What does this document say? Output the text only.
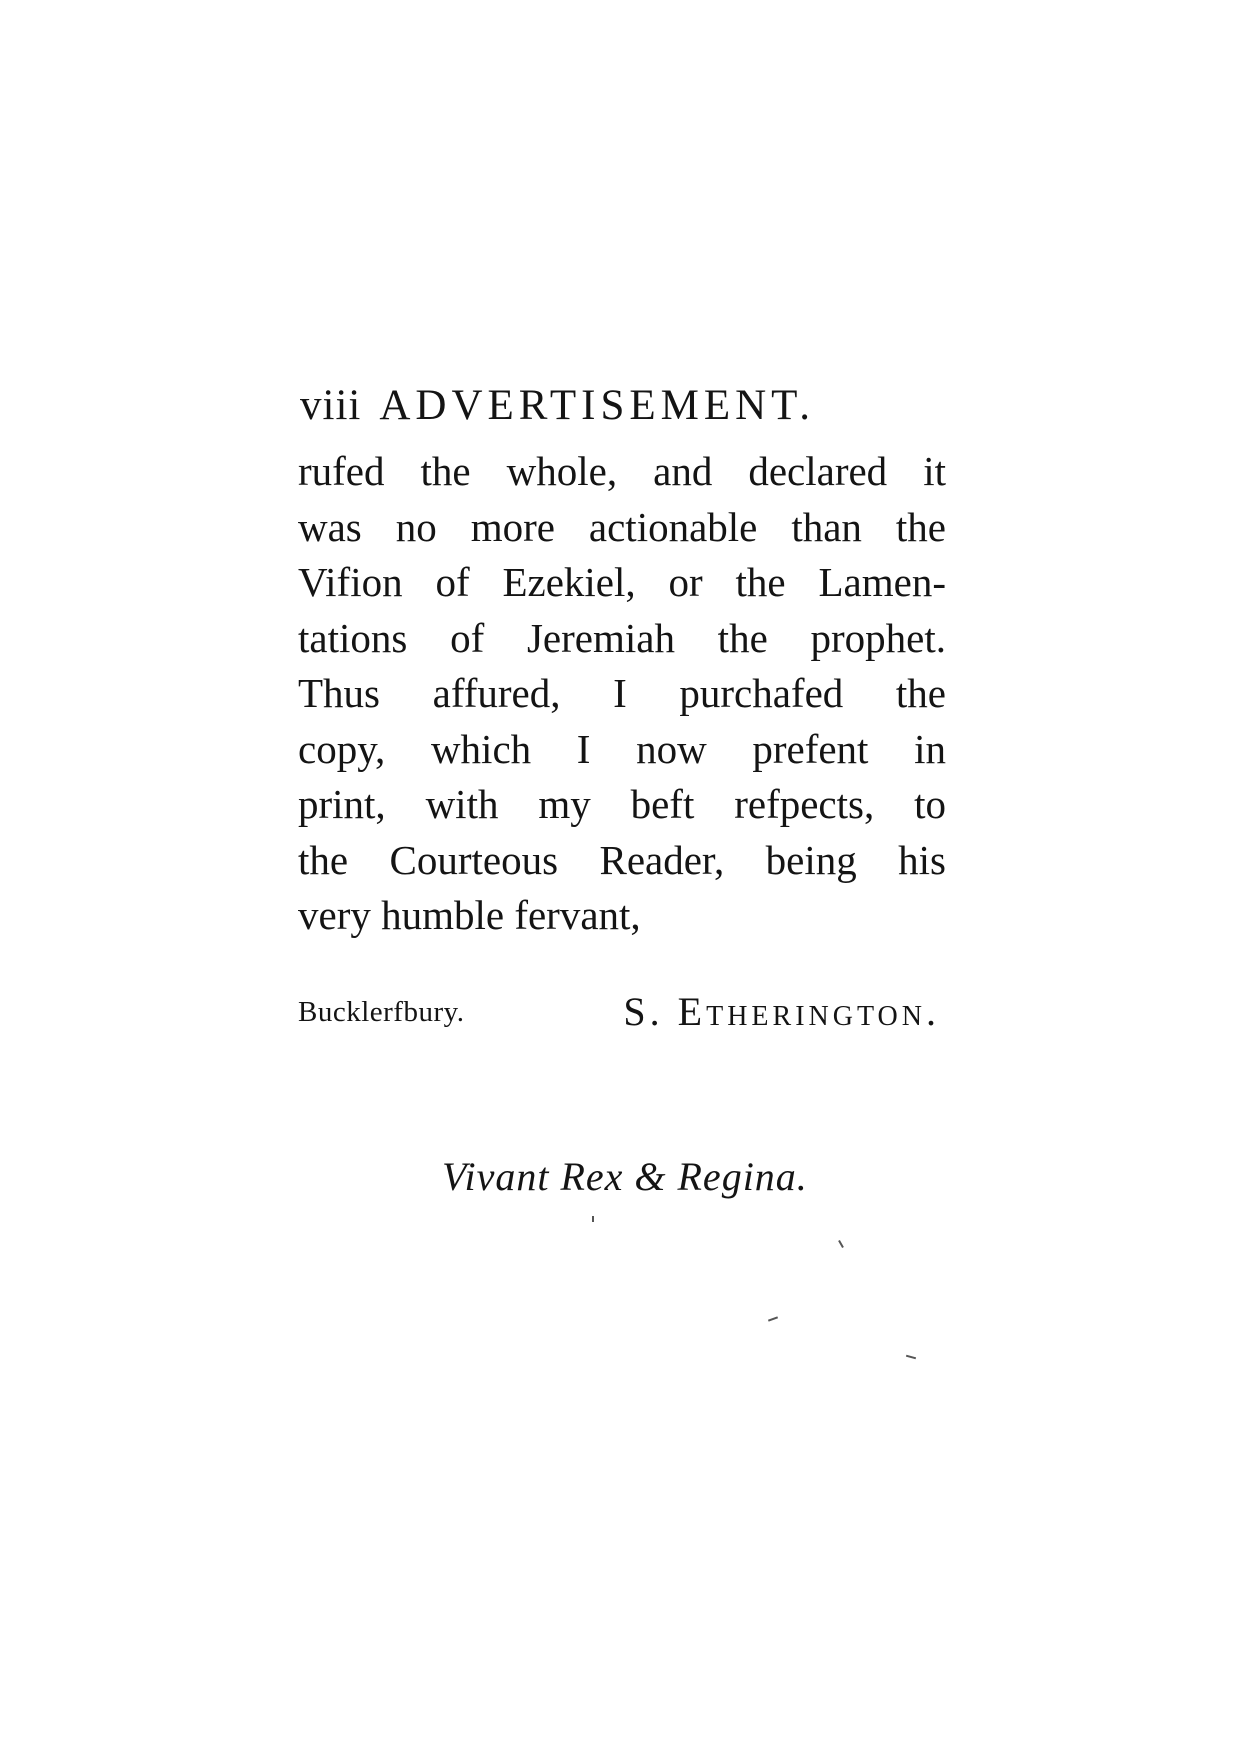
viii ADVERTISEMENT.
rufed the whole, and declared it
was no more actionable than the
Vifion of Ezekiel, or the Lamen-
tations of Jeremiah the prophet.
Thus affured, I purchafed the
copy, which I now prefent in
print, with my beft refpects, to
the Courteous Reader, being his
very humble fervant,
Bucklerfbury.	S. Etherington.
Vivant Rex & Regina.
